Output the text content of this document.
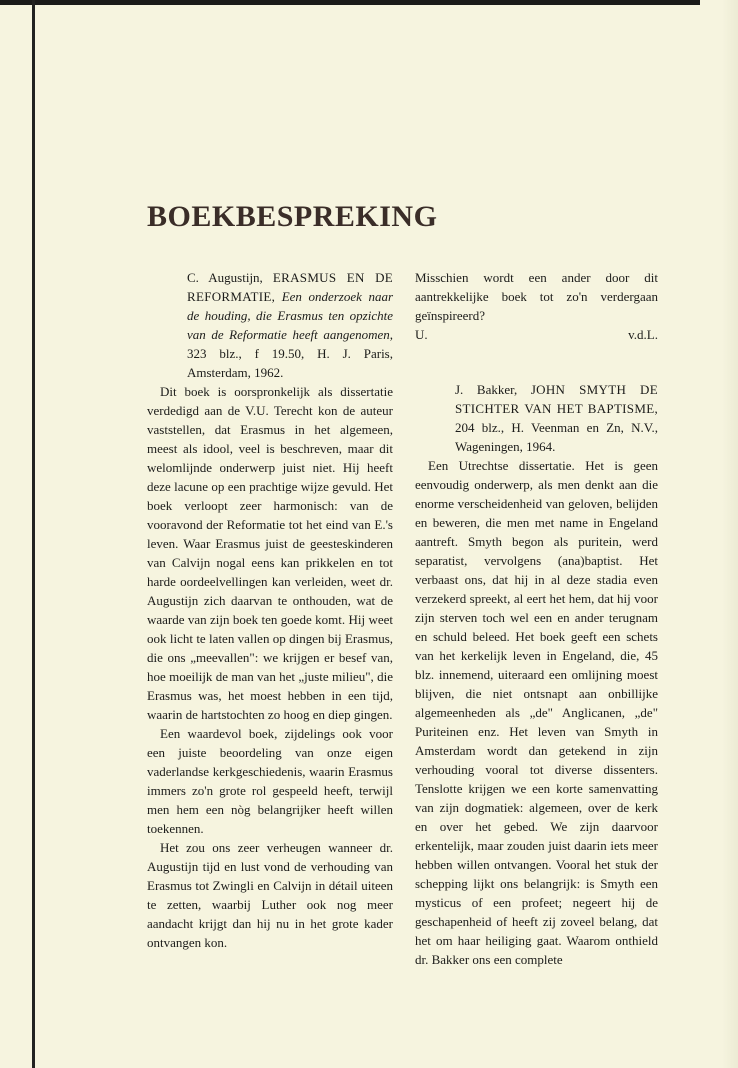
BOEKBESPREKING

C. Augustijn, ERASMUS EN DE REFORMATIE, Een onderzoek naar de houding, die Erasmus ten opzichte van de Reformatie heeft aangenomen, 323 blz., f 19.50, H. J. Paris, Amsterdam, 1962.

Dit boek is oorspronkelijk als dissertatie verdedigd aan de V.U. Terecht kon de auteur vaststellen, dat Erasmus in het algemeen, meest als idool, veel is beschreven, maar dit welomlijnde onderwerp juist niet. Hij heeft deze lacune op een prachtige wijze gevuld. Het boek verloopt zeer harmonisch: van de vooravond der Reformatie tot het eind van E.'s leven. Waar Erasmus juist de geesteskinderen van Calvijn nogal eens kan prikkelen en tot harde oordeelvellingen kan verleiden, weet dr. Augustijn zich daarvan te onthouden, wat de waarde van zijn boek ten goede komt. Hij weet ook licht te laten vallen op dingen bij Erasmus, die ons „meevallen": we krijgen er besef van, hoe moeilijk de man van het „juste milieu", die Erasmus was, het moest hebben in een tijd, waarin de hartstochten zo hoog en diep gingen.

Een waardevol boek, zijdelings ook voor een juiste beoordeling van onze eigen vaderlandse kerkgeschiedenis, waarin Erasmus immers zo'n grote rol gespeeld heeft, terwijl men hem een nòg belangrijker heeft willen toekennen.

Het zou ons zeer verheugen wanneer dr. Augustijn tijd en lust vond de verhouding van Erasmus tot Zwingli en Calvijn in détail uiteen te zetten, waarbij Luther ook nog meer aandacht krijgt dan hij nu in het grote kader ontvangen kon.

Misschien wordt een ander door dit aantrekkelijke boek tot zo'n verdergaan geïnspireerd?

U.	v.d.L.

J. Bakker, JOHN SMYTH DE STICHTER VAN HET BAPTISME, 204 blz., H. Veenman en Zn, N.V., Wageningen, 1964.

Een Utrechtse dissertatie. Het is geen eenvoudig onderwerp, als men denkt aan die enorme verscheidenheid van geloven, belijden en beweren, die men met name in Engeland aantreft. Smyth begon als puritein, werd separatist, vervolgens (ana)baptist. Het verbaast ons, dat hij in al deze stadia even verzekerd spreekt, al eert het hem, dat hij voor zijn sterven toch wel een en ander terugnam en schuld beleed. Het boek geeft een schets van het kerkelijk leven in Engeland, die, 45 blz. innemend, uiteraard een omlijning moest blijven, die niet ontsnapt aan onbillijke algemeenheden als „de" Anglicanen, „de" Puriteinen enz. Het leven van Smyth in Amsterdam wordt dan getekend in zijn verhouding vooral tot diverse dissenters. Tenslotte krijgen we een korte samenvatting van zijn dogmatiek: algemeen, over de kerk en over het gebed. We zijn daarvoor erkentelijk, maar zouden juist daarin iets meer hebben willen ontvangen. Vooral het stuk der schepping lijkt ons belangrijk: is Smyth een mysticus of een profeet; negeert hij de geschapenheid of heeft zij zoveel belang, dat het om haar heiliging gaat. Waarom onthield dr. Bakker ons een complete
